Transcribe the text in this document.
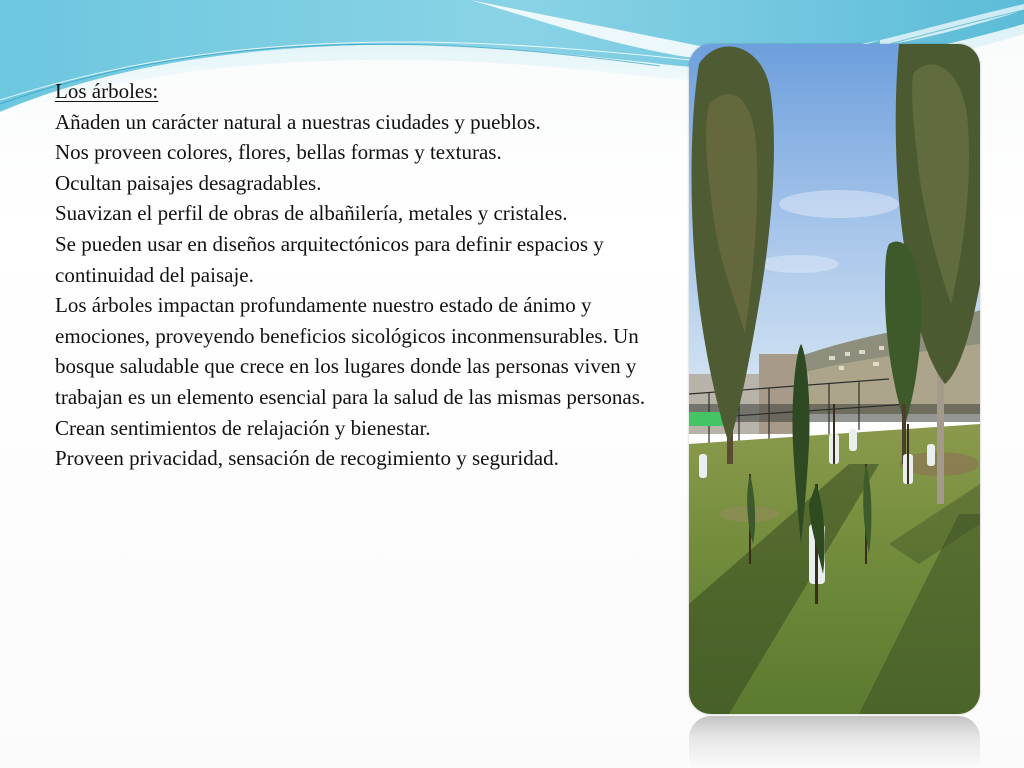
Los árboles:
Añaden un carácter natural a nuestras ciudades y pueblos.
Nos proveen colores, flores, bellas formas y texturas.
Ocultan paisajes desagradables.
Suavizan el perfil de obras de albañilería, metales y cristales.
Se pueden usar en diseños arquitectónicos para definir espacios y continuidad del paisaje.
Los árboles impactan profundamente nuestro estado de ánimo y emociones, proveyendo beneficios sicológicos inconmensurables. Un bosque saludable que crece en los lugares donde las personas viven y trabajan es un elemento esencial para la salud de las mismas personas.
Crean sentimientos de relajación y bienestar.
Proveen privacidad, sensación de recogimiento y seguridad.
